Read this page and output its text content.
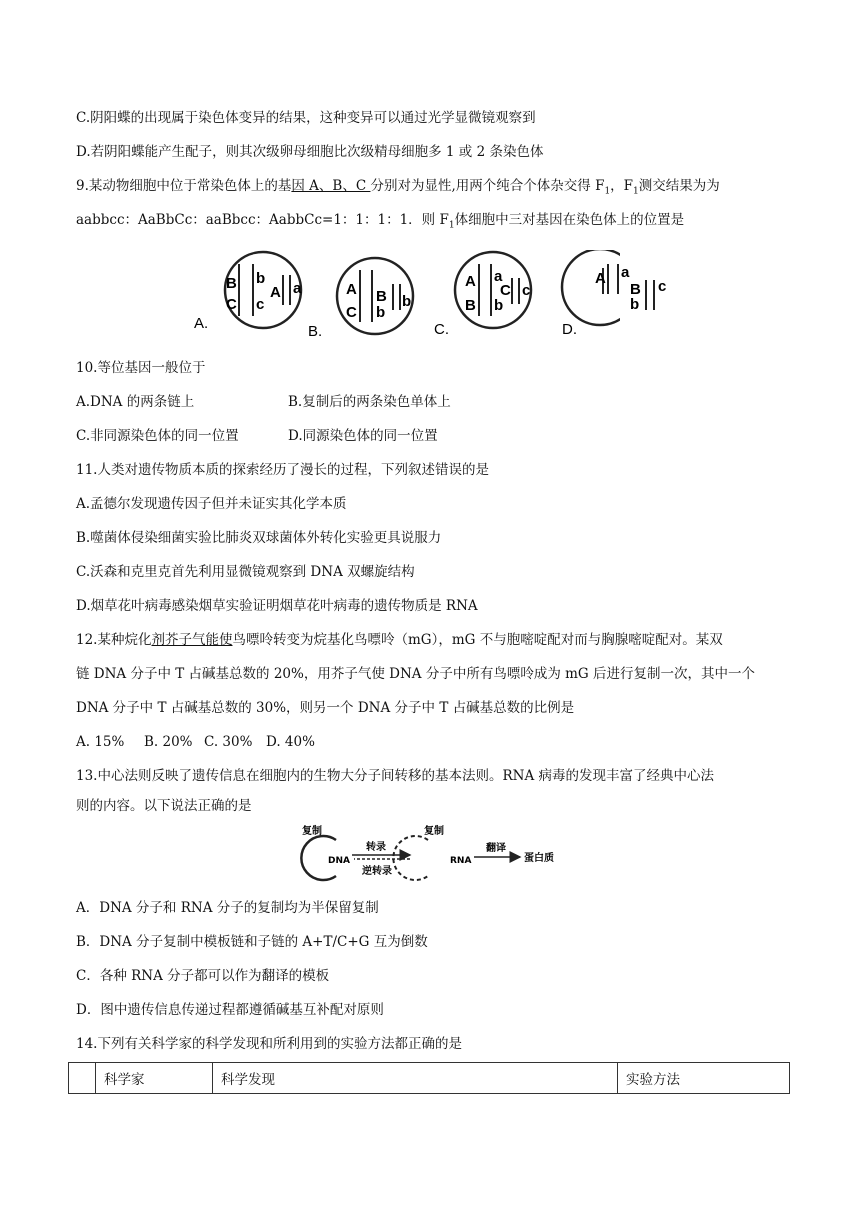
C.阴阳蝶的出现属于染色体变异的结果，这种变异可以通过光学显微镜观察到
D.若阴阳蝶能产生配子，则其次级卵母细胞比次级精母细胞多 1 或 2 条染色体
9.某动物细胞中位于常染色体上的基因 A、B、C 分别对为显性,用两个纯合个体杂交得 $F_1$，$F_1$测交结果为为
aabbcc：AaBbCc：aaBbcc：AabbCc=1：1：1：1．则 $F_1$体细胞中三对基因在染色体上的位置是
B
C
b
c
A a
A.
A
C
B
b
b
B.
A
B
a
b
C c
C.	D.
A a
B
b
c
10.等位基因一般位于
A.DNA 的两条链上	B.复制后的两条染色单体上
C.非同源染色体的同一位置	D.同源染色体的同一位置
11.人类对遗传物质本质的探索经历了漫长的过程，下列叙述错误的是
A.孟德尔发现遗传因子但并未证实其化学本质
B.噬菌体侵染细菌实验比肺炎双球菌体外转化实验更具说服力
C.沃森和克里克首先利用显微镜观察到 DNA 双螺旋结构
D.烟草花叶病毒感染烟草实验证明烟草花叶病毒的遗传物质是 RNA
12.某种烷化剂芥子气能使鸟嘌呤转变为烷基化鸟嘌呤（mG），mG 不与胞嘧啶配对而与胸腺嘧啶配对。某双
链 DNA 分子中 T 占碱基总数的 20%，用芥子气使 DNA 分子中所有鸟嘌呤成为 mG 后进行复制一次，其中一个
DNA 分子中 T 占碱基总数的 30%，则另一个 DNA 分子中 T 占碱基总数的比例是
A. 15% B. 20% C. 30% D. 40%
13.中心法则反映了遗传信息在细胞内的生物大分子间转移的基本法则。RNA 病毒的发现丰富了经典中心法
则的内容。以下说法正确的是
复制
DNA
转录
逆转录
复制
RNA
翻译
蛋白质
A．DNA 分子和 RNA 分子的复制均为半保留复制
B．DNA 分子复制中模板链和子链的 A+T/C+G 互为倒数
C．各种 RNA 分子都可以作为翻译的模板
D．图中遗传信息传递过程都遵循碱基互补配对原则
14.下列有关科学家的科学发现和所利用到的实验方法都正确的是
	科学家	科学发现	实验方法
